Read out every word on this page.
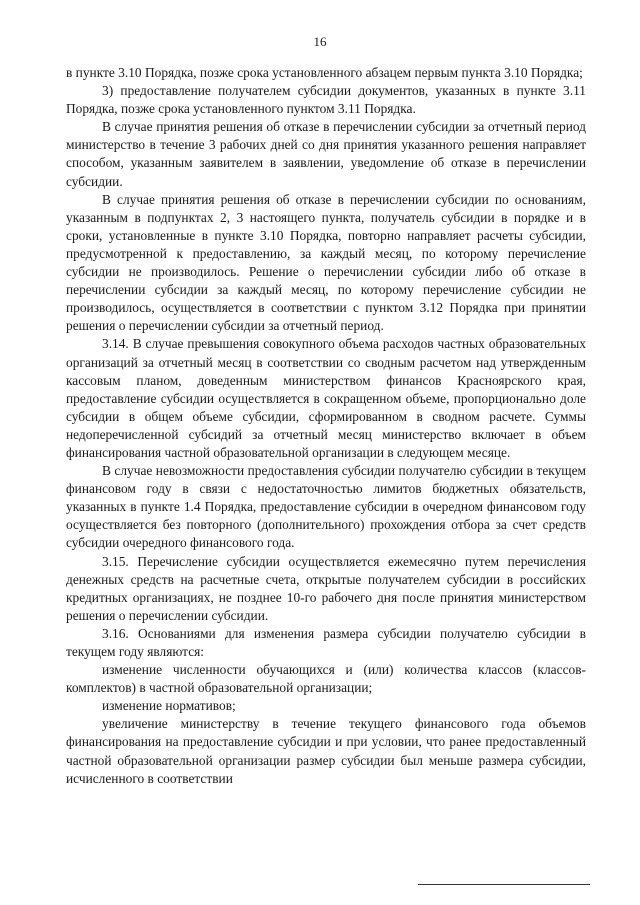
16

в пункте 3.10 Порядка, позже срока установленного абзацем первым пункта 3.10 Порядка;

3) предоставление получателем субсидии документов, указанных в пункте 3.11 Порядка, позже срока установленного пунктом 3.11 Порядка.

В случае принятия решения об отказе в перечислении субсидии за отчетный период министерство в течение 3 рабочих дней со дня принятия указанного решения направляет способом, указанным заявителем в заявлении, уведомление об отказе в перечислении субсидии.

В случае принятия решения об отказе в перечислении субсидии по основаниям, указанным в подпунктах 2, 3 настоящего пункта, получатель субсидии в порядке и в сроки, установленные в пункте 3.10 Порядка, повторно направляет расчеты субсидии, предусмотренной к предоставлению, за каждый месяц, по которому перечисление субсидии не производилось. Решение о перечислении субсидии либо об отказе в перечислении субсидии за каждый месяц, по которому перечисление субсидии не производилось, осуществляется в соответствии с пунктом 3.12 Порядка при принятии решения о перечислении субсидии за отчетный период.

3.14. В случае превышения совокупного объема расходов частных образовательных организаций за отчетный месяц в соответствии со сводным расчетом над утвержденным кассовым планом, доведенным министерством финансов Красноярского края, предоставление субсидии осуществляется в сокращенном объеме, пропорционально доле субсидии в общем объеме субсидии, сформированном в сводном расчете. Суммы недоперечисленной субсидий за отчетный месяц министерство включает в объем финансирования частной образовательной организации в следующем месяце.

В случае невозможности предоставления субсидии получателю субсидии в текущем финансовом году в связи с недостаточностью лимитов бюджетных обязательств, указанных в пункте 1.4 Порядка, предоставление субсидии в очередном финансовом году осуществляется без повторного (дополнительного) прохождения отбора за счет средств субсидии очередного финансового года.

3.15. Перечисление субсидии осуществляется ежемесячно путем перечисления денежных средств на расчетные счета, открытые получателем субсидии в российских кредитных организациях, не позднее 10-го рабочего дня после принятия министерством решения о перечислении субсидии.

3.16. Основаниями для изменения размера субсидии получателю субсидии в текущем году являются:

изменение численности обучающихся и (или) количества классов (классов-комплектов) в частной образовательной организации;

изменение нормативов;

увеличение министерству в течение текущего финансового года объемов финансирования на предоставление субсидии и при условии, что ранее предоставленный частной образовательной организации размер субсидии был меньше размера субсидии, исчисленного в соответствии
